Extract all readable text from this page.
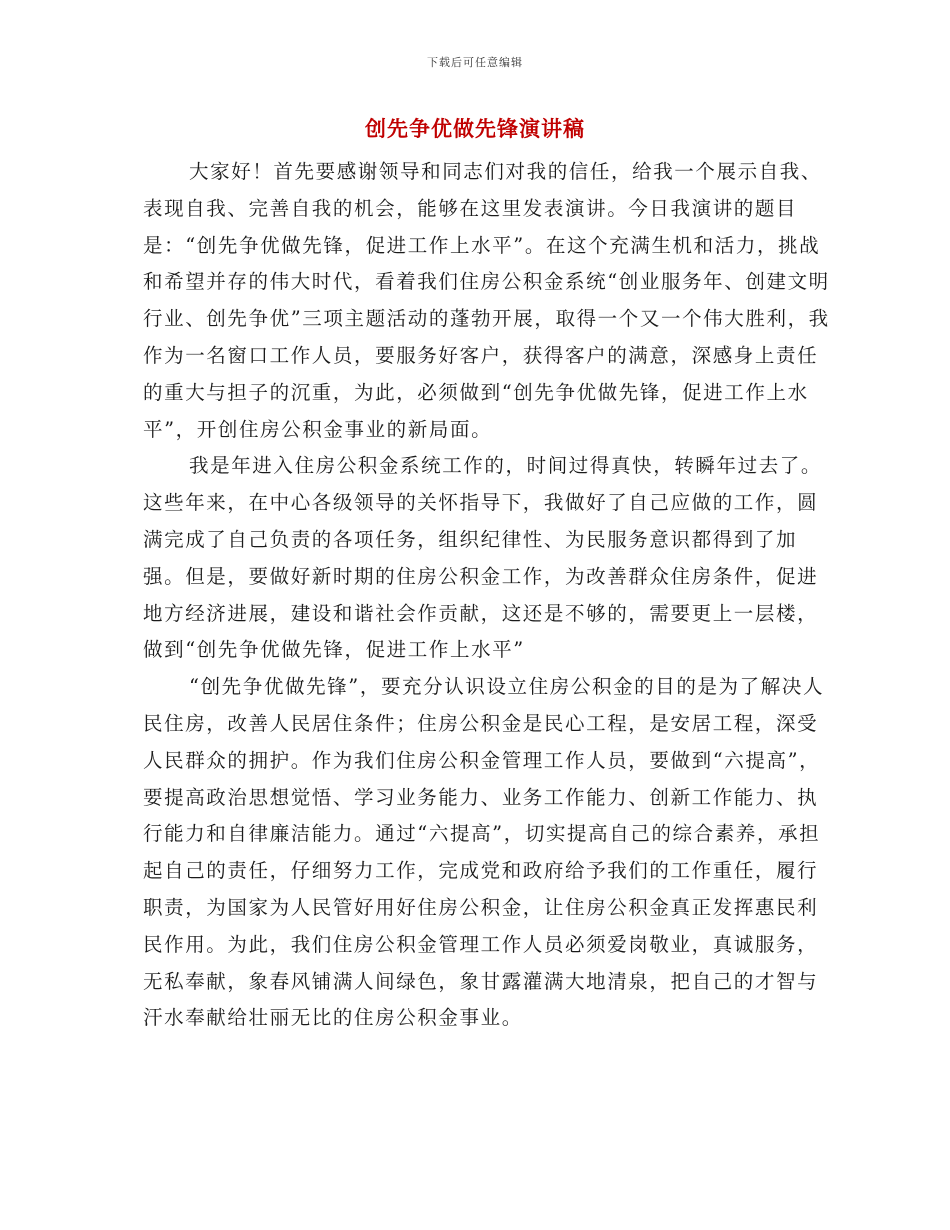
下载后可任意编辑
创先争优做先锋演讲稿

大家好！首先要感谢领导和同志们对我的信任，给我一个展示自我、表现自我、完善自我的机会，能够在这里发表演讲。今日我演讲的题目是：“创先争优做先锋，促进工作上水平”。在这个充满生机和活力，挑战和希望并存的伟大时代，看着我们住房公积金系统“创业服务年、创建文明行业、创先争优”三项主题活动的蓬勃开展，取得一个又一个伟大胜利，我作为一名窗口工作人员，要服务好客户，获得客户的满意，深感身上责任的重大与担子的沉重，为此，必须做到“创先争优做先锋，促进工作上水平”，开创住房公积金事业的新局面。

我是年进入住房公积金系统工作的，时间过得真快，转瞬年过去了。这些年来，在中心各级领导的关怀指导下，我做好了自己应做的工作，圆满完成了自己负责的各项任务，组织纪律性、为民服务意识都得到了加强。但是，要做好新时期的住房公积金工作，为改善群众住房条件，促进地方经济进展，建设和谐社会作贡献，这还是不够的，需要更上一层楼，做到“创先争优做先锋，促进工作上水平”

“创先争优做先锋”，要充分认识设立住房公积金的目的是为了解决人民住房，改善人民居住条件；住房公积金是民心工程，是安居工程，深受人民群众的拥护。作为我们住房公积金管理工作人员，要做到“六提高”，要提高政治思想觉悟、学习业务能力、业务工作能力、创新工作能力、执行能力和自律廉洁能力。通过“六提高”，切实提高自己的综合素养，承担起自己的责任，仔细努力工作，完成党和政府给予我们的工作重任，履行职责，为国家为人民管好用好住房公积金，让住房公积金真正发挥惠民利民作用。为此，我们住房公积金管理工作人员必须爱岗敬业，真诚服务，无私奉献，象春风铺满人间绿色，象甘露灌满大地清泉，把自己的才智与汗水奉献给壮丽无比的住房公积金事业。
